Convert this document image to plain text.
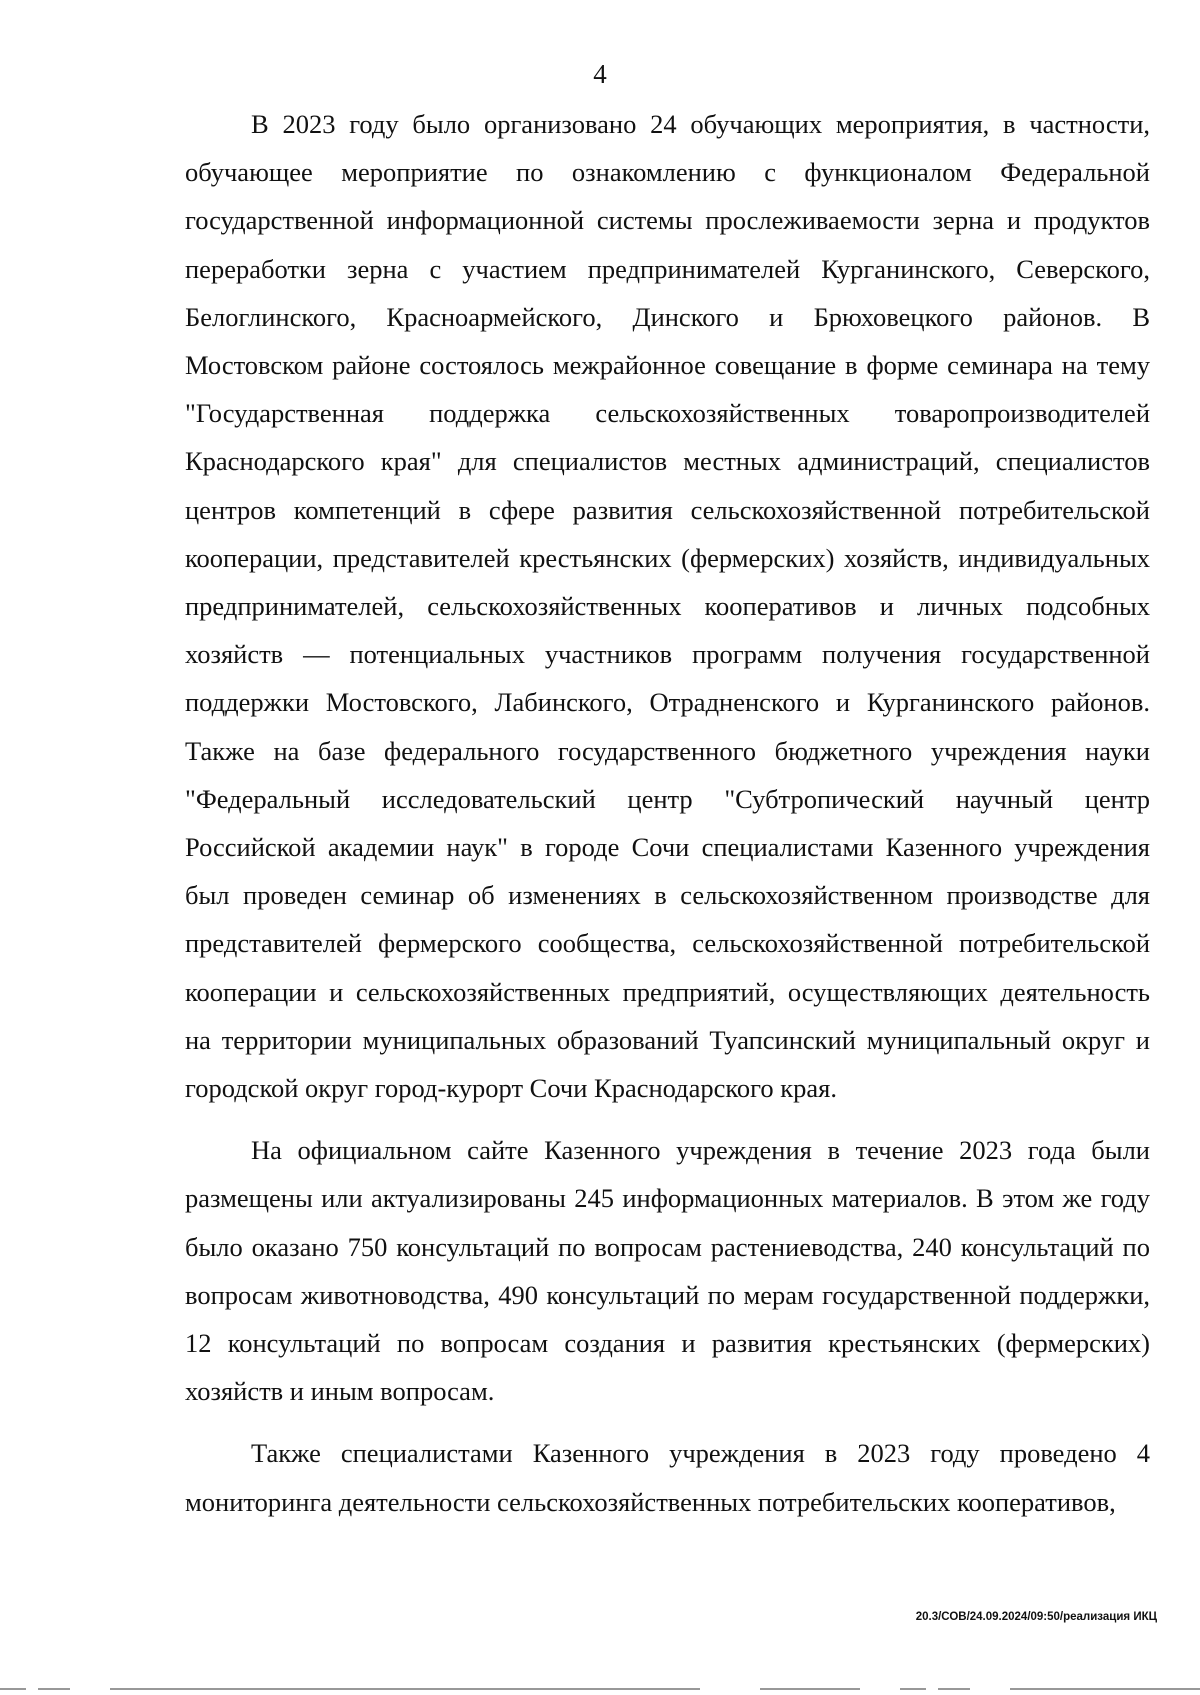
4

В 2023 году было организовано 24 обучающих мероприятия, в частности, обучающее мероприятие по ознакомлению с функционалом Федеральной государственной информационной системы прослеживаемости зерна и продуктов переработки зерна с участием предпринимателей Курганинского, Северского, Белоглинского, Красноармейского, Динского и Брюховецкого районов. В Мостовском районе состоялось межрайонное совещание в форме семинара на тему "Государственная поддержка сельскохозяйственных товаропроизводителей Краснодарского края" для специалистов местных администраций, специалистов центров компетенций в сфере развития сельскохозяйственной потребительской кооперации, представителей крестьянских (фермерских) хозяйств, индивидуальных предпринимателей, сельскохозяйственных кооперативов и личных подсобных хозяйств — потенциальных участников программ получения государственной поддержки Мостовского, Лабинского, Отрадненского и Курганинского районов. Также на базе федерального государственного бюджетного учреждения науки "Федеральный исследовательский центр "Субтропический научный центр Российской академии наук" в городе Сочи специалистами Казенного учреждения был проведен семинар об изменениях в сельскохозяйственном производстве для представителей фермерского сообщества, сельскохозяйственной потребительской кооперации и сельскохозяйственных предприятий, осуществляющих деятельность на территории муниципальных образований Туапсинский муниципальный округ и городской округ город-курорт Сочи Краснодарского края.

На официальном сайте Казенного учреждения в течение 2023 года были размещены или актуализированы 245 информационных материалов. В этом же году было оказано 750 консультаций по вопросам растениеводства, 240 консультаций по вопросам животноводства, 490 консультаций по мерам государственной поддержки, 12 консультаций по вопросам создания и развития крестьянских (фермерских) хозяйств и иным вопросам.

Также специалистами Казенного учреждения в 2023 году проведено 4 мониторинга деятельности сельскохозяйственных потребительских кооперативов,

20.3/СОВ/24.09.2024/09:50/реализация ИКЦ
